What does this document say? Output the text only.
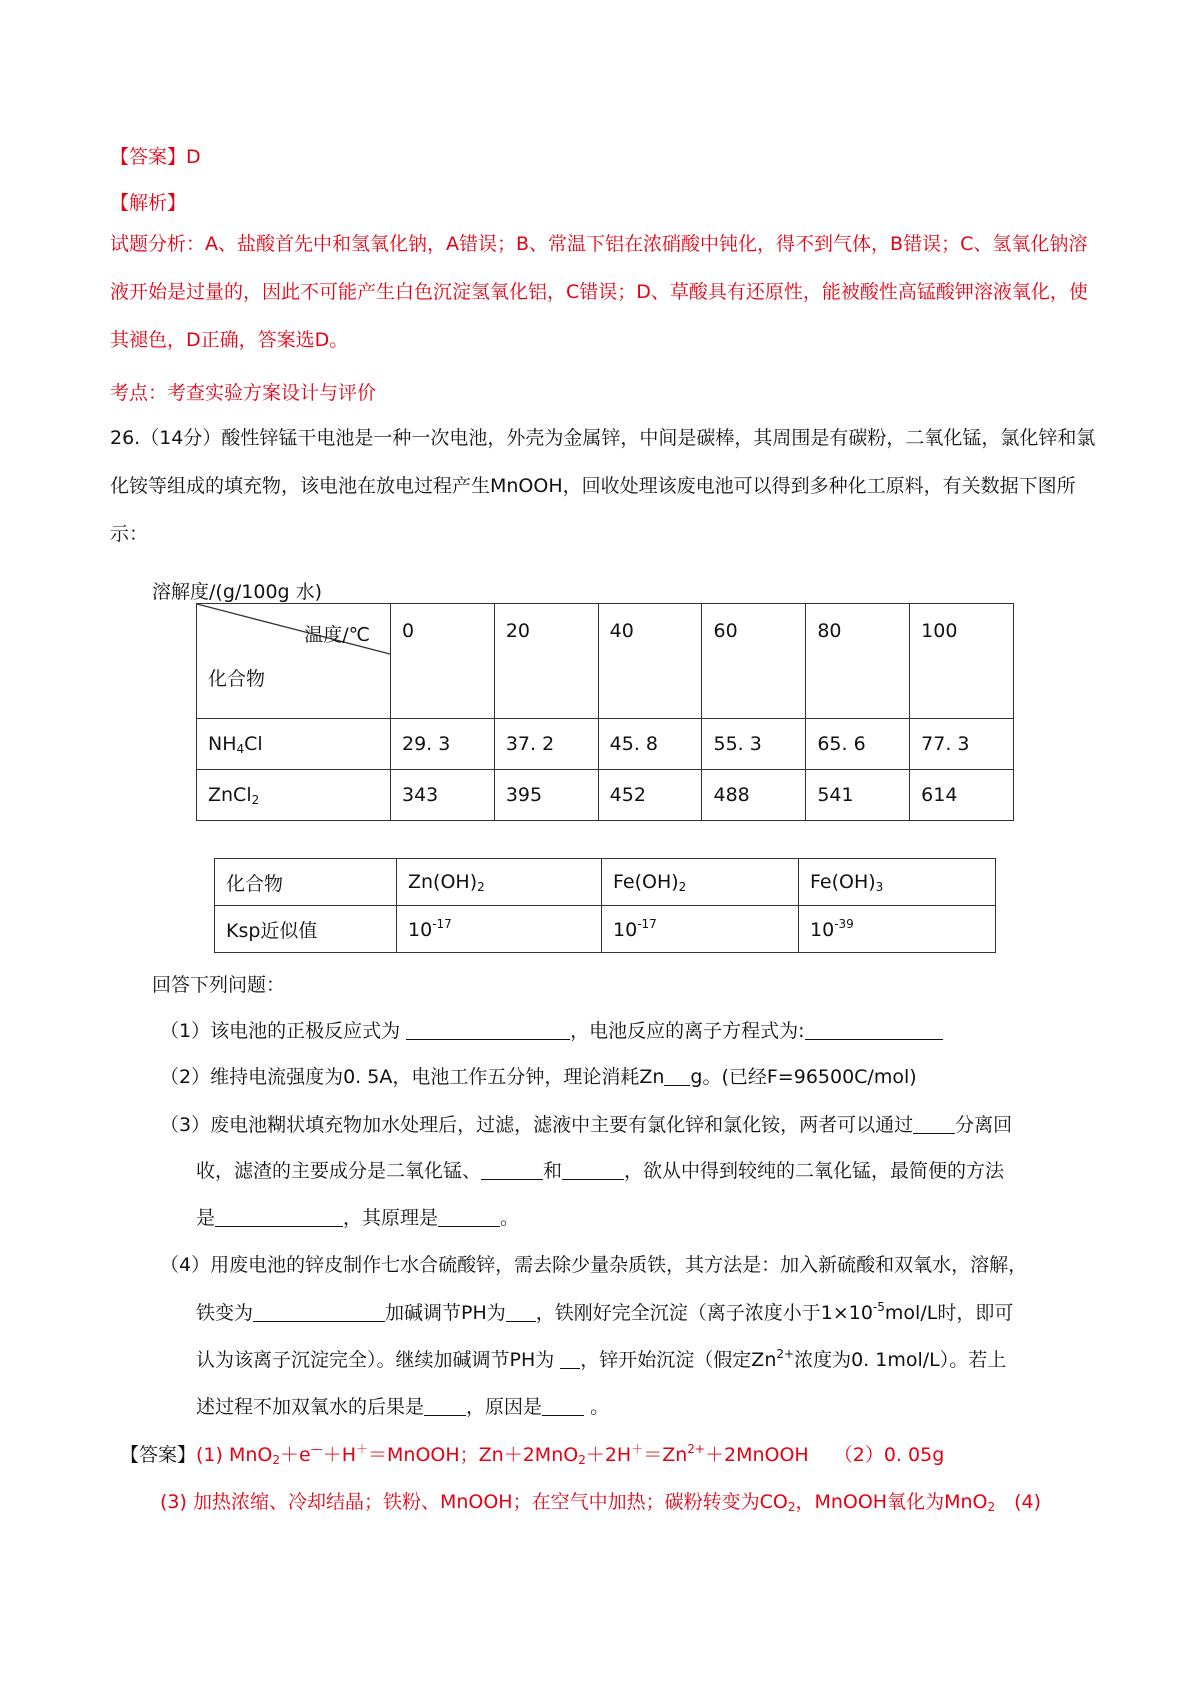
【答案】D
【解析】
试题分析：A、盐酸首先中和氢氧化钠，A错误；B、常温下铝在浓硝酸中钝化，得不到气体，B错误；C、氢氧化钠溶液开始是过量的，因此不可能产生白色沉淀氢氧化铝，C错误；D、草酸具有还原性，能被酸性高锰酸钾溶液氧化，使其褪色，D正确，答案选D。
考点：考查实验方案设计与评价
26.（14分）酸性锌锰干电池是一种一次电池，外壳为金属锌，中间是碳棒，其周围是有碳粉，二氧化锰，氯化锌和氯化铵等组成的填充物，该电池在放电过程产生MnOOH，回收处理该废电池可以得到多种化工原料，有关数据下图所示：
溶解度/(g/100g 水)
温度/℃
化合物	0	20	40	60	80	100
$NH_4Cl$	29. 3	37. 2	45. 8	55. 3	65. 6	77. 3
ZnCl$_2$	343	395	452	488	541	614
化合物	$Zn(OH)_2$	$Fe(OH)_2$	$Fe(OH)_3$
Ksp近似值	$10^{-17}$	$10^{-17}$	$10^{-39}$
回答下列问题：
（1）该电池的正极反应式为	，电池反应的离子方程式为:
（2）维持电流强度为0. 5A，电池工作五分钟，理论消耗Zn g。(已经F=96500C/mol)
（3）废电池糊状填充物加水处理后，过滤，滤液中主要有氯化锌和氯化铵，两者可以通过 分离回
收，滤渣的主要成分是二氧化锰、	和	，欲从中得到较纯的二氧化锰，最简便的方法
是	，其原理是	。
（4）用废电池的锌皮制作七水合硫酸锌，需去除少量杂质铁，其方法是：加入新硫酸和双氧水，溶解，
铁变为	加碱调节PH为 ，铁刚好完全沉淀（离子浓度小于$1\times 10^{-5}mol/L$时，即可
认为该离子沉淀完全）。继续加碱调节PH为 ，锌开始沉淀（假定$Zn^{2+}$浓度为0. 1mol/L）。若上
述过程不加双氧水的后果是 ，原因是 。
【答案】(1) MnO$_2$＋e—＋H＋＝MnOOH；$Zn+2MnO_2+2H^+=Zn^{2+}+2MnOOH$　 （2）0. 05g
(3) 加热浓缩、冷却结晶；铁粉、MnOOH；在空气中加热；碳粉转变为$CO_2$，MnOOH氧化为MnO$_2$　(4)
